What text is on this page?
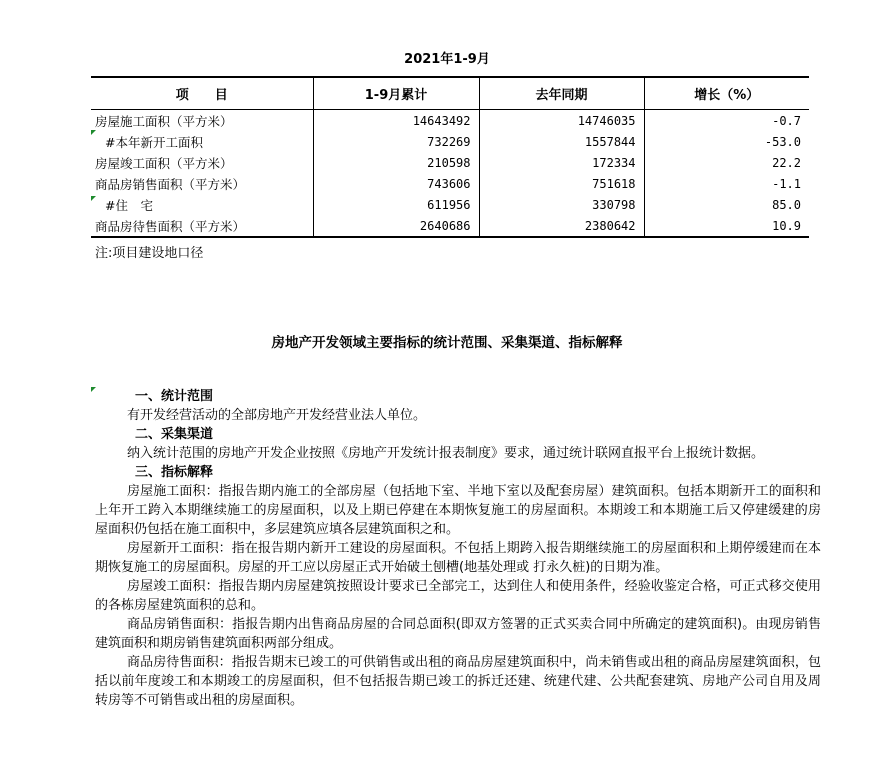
2021年1-9月
项　　目	1-9月累计	去年同期	增长（%）
房屋施工面积（平方米）	14643492	14746035	-0.7
#本年新开工面积	732269	1557844	-53.0
房屋竣工面积（平方米）	210598	172334	22.2
商品房销售面积（平方米）	743606	751618	-1.1
#住　宅	611956	330798	85.0
商品房待售面积（平方米）	2640686	2380642	10.9
注:项目建设地口径
房地产开发领域主要指标的统计范围、采集渠道、指标解释
一、统计范围

有开发经营活动的全部房地产开发经营业法人单位。

二、采集渠道

纳入统计范围的房地产开发企业按照《房地产开发统计报表制度》要求，通过统计联网直报平台上报统计数据。

三、指标解释

房屋施工面积：指报告期内施工的全部房屋（包括地下室、半地下室以及配套房屋）建筑面积。包括本期新开工的面积和上年开工跨入本期继续施工的房屋面积，以及上期已停建在本期恢复施工的房屋面积。本期竣工和本期施工后又停建缓建的房屋面积仍包括在施工面积中，多层建筑应填各层建筑面积之和。

房屋新开工面积：指在报告期内新开工建设的房屋面积。不包括上期跨入报告期继续施工的房屋面积和上期停缓建而在本期恢复施工的房屋面积。房屋的开工应以房屋正式开始破土刨槽(地基处理或 打永久桩)的日期为准。

房屋竣工面积：指报告期内房屋建筑按照设计要求已全部完工，达到住人和使用条件，经验收鉴定合格，可正式移交使用的各栋房屋建筑面积的总和。

商品房销售面积：指报告期内出售商品房屋的合同总面积(即双方签署的正式买卖合同中所确定的建筑面积)。由现房销售建筑面积和期房销售建筑面积两部分组成。

商品房待售面积：指报告期末已竣工的可供销售或出租的商品房屋建筑面积中，尚未销售或出租的商品房屋建筑面积，包括以前年度竣工和本期竣工的房屋面积，但不包括报告期已竣工的拆迁还建、统建代建、公共配套建筑、房地产公司自用及周转房等不可销售或出租的房屋面积。
